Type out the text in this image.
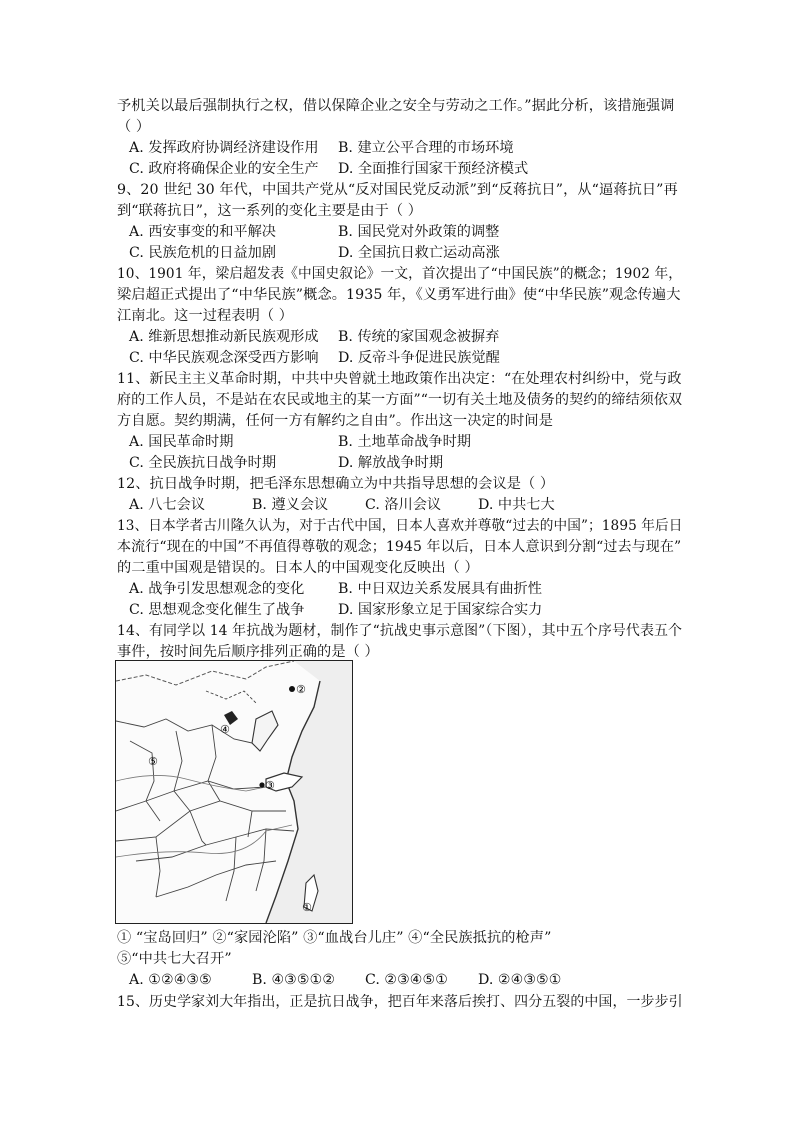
予机关以最后强制执行之权，借以保障企业之安全与劳动之工作。”据此分析，该措施强调
（ ）
A. 发挥政府协调经济建设作用 B. 建立公平合理的市场环境
C. 政府将确保企业的安全生产 D. 全面推行国家干预经济模式
9、20 世纪 30 年代，中国共产党从“反对国民党反动派”到“反蒋抗日”，从“逼蒋抗日”再
到“联蒋抗日”，这一系列的变化主要是由于（ ）
A. 西安事变的和平解决	B. 国民党对外政策的调整
C. 民族危机的日益加剧	D. 全国抗日救亡运动高涨
10、1901 年，梁启超发表《中国史叙论》一文，首次提出了“中国民族”的概念；1902 年，
梁启超正式提出了“中华民族”概念。1935 年，《义勇军进行曲》使“中华民族”观念传遍大
江南北。这一过程表明（ ）
A. 维新思想推动新民族观形成 B. 传统的家国观念被摒弃
C. 中华民族观念深受西方影响 D. 反帝斗争促进民族觉醒
11、新民主主义革命时期，中共中央曾就土地政策作出决定：“在处理农村纠纷中，党与政
府的工作人员，不是站在农民或地主的某一方面”“一切有关土地及债务的契约的缔结须依双
方自愿。契约期满，任何一方有解约之自由”。作出这一决定的时间是
A. 国民革命时期	B. 土地革命战争时期
C. 全民族抗日战争时期	D. 解放战争时期
12、抗日战争时期，把毛泽东思想确立为中共指导思想的会议是（ ）
A. 八七会议	B. 遵义会议	C. 洛川会议	D. 中共七大
13、日本学者古川隆久认为，对于古代中国，日本人喜欢并尊敬“过去的中国”；1895 年后日
本流行“现在的中国”不再值得尊敬的观念；1945 年以后，日本人意识到分割“过去与现在”
的二重中国观是错误的。日本人的中国观变化反映出（ ）
A. 战争引发思想观念的变化 B. 中日双边关系发展具有曲折性
C. 思想观念变化催生了战争 D. 国家形象立足于国家综合实力
14、有同学以 14 年抗战为题材，制作了“抗战史事示意图”（下图），其中五个序号代表五个
事件，按时间先后顺序排列正确的是（ ）
②
④
⑤
③
①
① “宝岛回归” ②“家园沦陷” ③“血战台儿庄” ④“全民族抵抗的枪声”
⑤“中共七大召开”
A. ①②④③⑤	B. ④③⑤①② C. ②③④⑤① D. ②④③⑤①
15、历史学家刘大年指出，正是抗日战争，把百年来落后挨打、四分五裂的中国，一步步引
